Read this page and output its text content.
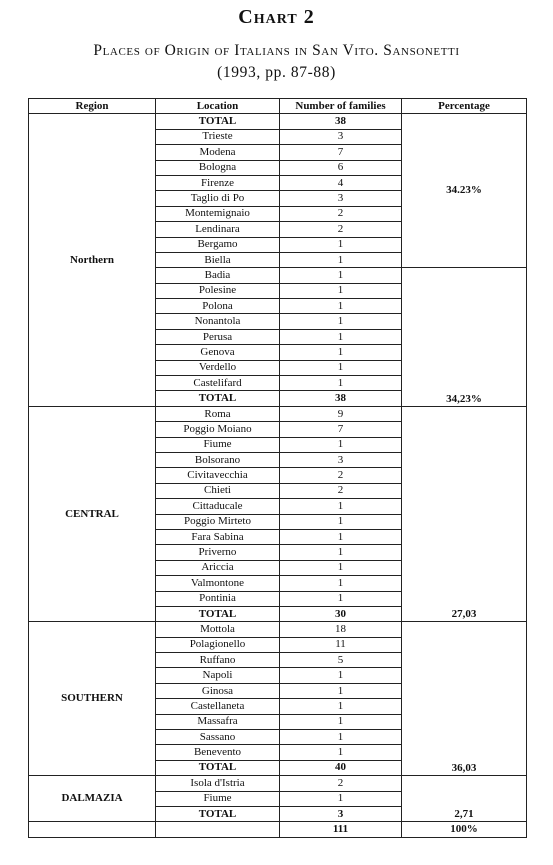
Chart 2
Places of Origin of Italians in San Vito. Sansonetti
(1993, pp. 87-88)
Region	Location	Number of families	Percentage
Northern	TOTAL	38	34.23%
	Trieste	3	
	Modena	7	
	Bologna	6	
	Firenze	4	
	Taglio di Po	3	
	Montemignaio	2	
	Lendinara	2	
	Bergamo	1	
	Biella	1	
	Badia	1	34,23%
	Polesine	1	
	Polona	1	
	Nonantola	1	
	Perusa	1	
	Genova	1	
	Verdello	1	
	Castelifard	1	
	TOTAL	38	
CENTRAL	Roma	9	27,03
	Poggio Moiano	7	
	Fiume	1	
	Bolsorano	3	
	Civitavecchia	2	
	Chieti	2	
	Cittaducale	1	
	Poggio Mirteto	1	
	Fara Sabina	1	
	Priverno	1	
	Ariccia	1	
	Valmontone	1	
	Pontinia	1	
	TOTAL	30	
SOUTHERN	Mottola	18	36,03
	Polagionello	11	
	Ruffano	5	
	Napoli	1	
	Ginosa	1	
	Castellaneta	1	
	Massafra	1	
	Sassano	1	
	Benevento	1	
	TOTAL	40	
DALMAZIA	Isola d'Istria	2	2,71
	Fiume	1	
	TOTAL	3	
		111	100%
